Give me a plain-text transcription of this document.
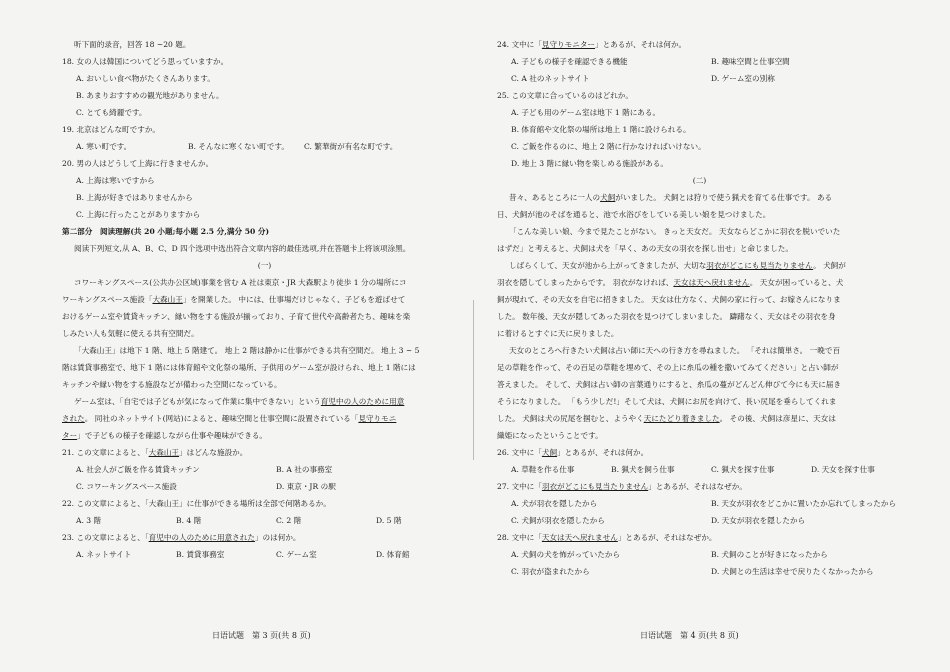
听下面的录音，回答 18 ~20 题。
18. 女の人は韓国についてどう思っていますか。
A. おいしい食べ物がたくさんあります。
B. あまりおすすめの観光地がありません。
C. とても綺麗です。
19. 北京はどんな町ですか。
A. 寒い町です。	B. そんなに寒くない町です。	C. 繁華街が有名な町です。
20. 男の人はどうして上海に行きませんか。
A. 上海は寒いですから
B. 上海が好きではありませんから
C. 上海に行ったことがありますから
第二部分　阅读理解(共 20 小题;每小题 2.5 分,满分 50 分)
阅读下列短文,从 A、B、C、D 四个选项中选出符合文章内容的最佳选项,并在答题卡上将该项涂黑。
(一)
コワーキングスペース(公共办公区域)事業を営む A 社は東京・JR 大森駅より徒歩 1 分の場所にコ
ワーキングスペース施設「大森山王」を開業した。 中には、仕事場だけじゃなく、子どもを遊ばせて
おけるゲーム室や賃貸キッチン、縁い物をする施設が揃っており、子育て世代や高齢者たち、趣味を楽
しみたい人も気軽に使える共有空間だ。
「大森山王」は地下 1 階、地上 5 階建て。 地上 2 階は静かに仕事ができる共有空間だ。 地上 3 ~ 5
階は賃貸事務室で、地下 1 階には体育館や文化祭の場所、子供用のゲーム室が設けられ、地上 1 階には
キッチンや縁い物をする施設などが備わった空間になっている。
ゲーム室は、「自宅では子どもが気になって作業に集中できない」という育児中の人のために用意
された。 同社のネットサイト(网站)によると、趣味空間と仕事空間に設置されている「見守りモニ
ター」で子どもの様子を確認しながら仕事や趣味ができる。
21. この文章によると、「大森山王」はどんな施設か。
A. 社会人がご飯を作る賃貸キッチン	B. A 社の事務室
C. コワーキングスペース施設	D. 東京・JR の駅
22. この文章によると、「大森山王」に仕事ができる場所は全部で何階あるか。
A. 3 階	B. 4 階	C. 2 階	D. 5 階
23. この文章によると、「育児中の人のために用意された」のは何か。
A. ネットサイト	B. 賃貸事務室	C. ゲーム室	D. 体育館
24. 文中に「見守りモニター」とあるが、それは何か。
A. 子どもの様子を確認できる機能	B. 趣味空間と仕事空間
C. A 社のネットサイト	D. ゲーム室の別称
25. この文章に合っているのはどれか。
A. 子ども用のゲーム室は地下 1 階にある。
B. 体育館や文化祭の場所は地上 1 階に設けられる。
C. ご飯を作るのに、地上 2 階に行かなければいけない。
D. 地上 3 階に縁い物を楽しめる施設がある。
(二)
昔々、あるところに一人の犬飼がいました。 犬飼とは狩りで使う猟犬を育てる仕事です。 ある
日、犬飼が池のそばを通ると、池で水浴びをしている美しい娘を見つけました。
「こんな美しい娘、今まで見たことがない。 きっと天女だ。 天女ならどこかに羽衣を脱いでいた
はずだ」と考えると、犬飼は犬を「早く、あの天女の羽衣を探し出せ」と命じました。
しばらくして、天女が池から上がってきましたが、大切な羽衣がどこにも見当たりません。 犬飼が
羽衣を隠してしまったからです。 羽衣がなければ、天女は天へ戻れません。 天女が困っていると、犬
飼が現れて、その天女を自宅に招きました。 天女は仕方なく、犬飼の家に行って、お嫁さんになりま
した。 数年後、天女が隠してあった羽衣を見つけてしまいました。 躊躇なく、天女はその羽衣を身
に着けるとすぐに天に戻りました。
天女のところへ行きたい犬飼は占い師に天への行き方を尋ねました。 「それは簡単さ。 一晩で百
足の草鞋を作って、その百足の草鞋を埋めて、その上に糸瓜の種を撒いてみてください」と占い師が
答えました。 そして、犬飼は占い師の言葉通りにすると、糸瓜の蔓がどんどん伸びて今にも天に届き
そうになりました。 「もう少しだ!」そして犬は、犬飼にお尻を向けて、長い尻尾を垂らしてくれま
した。 犬飼は犬の尻尾を掴むと、ようやく天にたどり着きました。 その後、犬飼は彦星に、天女は
織姫になったということです。
26. 文中に「犬飼」とあるが、それは何か。
A. 草鞋を作る仕事	B. 猟犬を飼う仕事	C. 猟犬を探す仕事	D. 天女を探す仕事
27. 文中に「羽衣がどこにも見当たりません」とあるが、それはなぜか。
A. 犬が羽衣を隠したから	B. 天女が羽衣をどこかに置いたか忘れてしまったから
C. 犬飼が羽衣を隠したから	D. 天女が羽衣を隠したから
28. 文中に「天女は天へ戻れません」とあるが、それはなぜか。
A. 犬飼の犬を怖がっていたから	B. 犬飼のことが好きになったから
C. 羽衣が盗まれたから	D. 犬飼との生活は幸せで戻りたくなかったから
日语试题　第 3 页(共 8 页)	日语试题　第 4 页(共 8 页)
